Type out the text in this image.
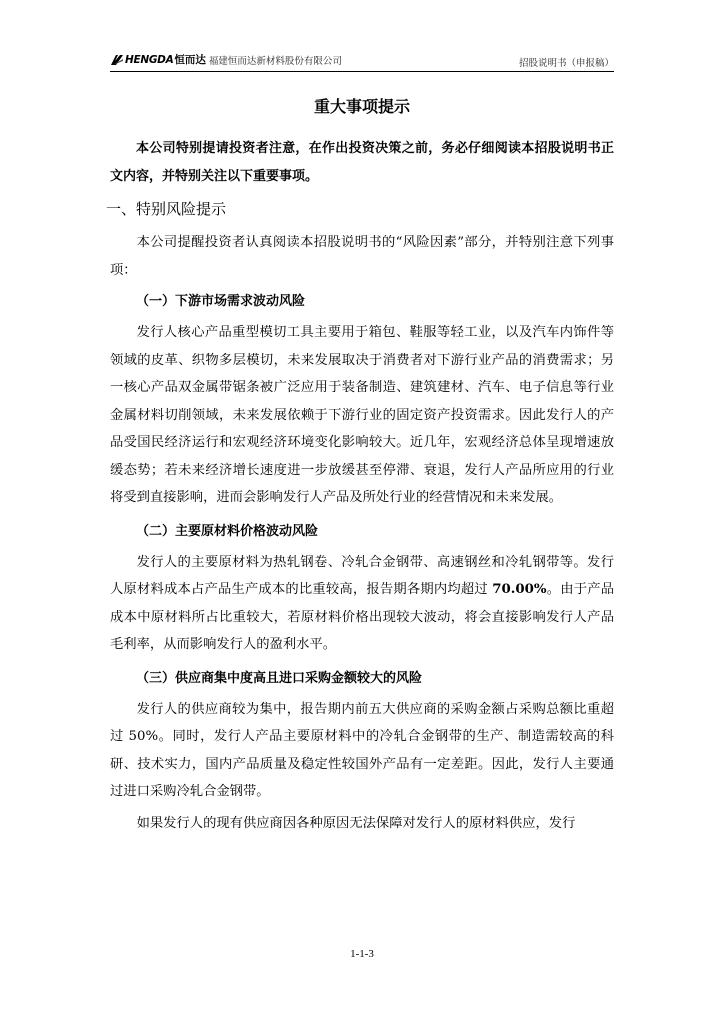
HENGDA 恒而达 福建恒而达新材料股份有限公司	招股说明书（申报稿）
重大事项提示

本公司特别提请投资者注意，在作出投资决策之前，务必仔细阅读本招股说明书正文内容，并特别关注以下重要事项。

一、特别风险提示

本公司提醒投资者认真阅读本招股说明书的“风险因素”部分，并特别注意下列事项：

（一）下游市场需求波动风险

发行人核心产品重型模切工具主要用于箱包、鞋服等轻工业，以及汽车内饰件等领域的皮革、织物多层模切，未来发展取决于消费者对下游行业产品的消费需求；另一核心产品双金属带锯条被广泛应用于装备制造、建筑建材、汽车、电子信息等行业金属材料切削领域，未来发展依赖于下游行业的固定资产投资需求。因此发行人的产品受国民经济运行和宏观经济环境变化影响较大。近几年，宏观经济总体呈现增速放缓态势；若未来经济增长速度进一步放缓甚至停滞、衰退，发行人产品所应用的行业将受到直接影响，进而会影响发行人产品及所处行业的经营情况和未来发展。

（二）主要原材料价格波动风险

发行人的主要原材料为热轧钢卷、冷轧合金钢带、高速钢丝和冷轧钢带等。发行人原材料成本占产品生产成本的比重较高，报告期各期内均超过 70.00%。由于产品成本中原材料所占比重较大，若原材料价格出现较大波动，将会直接影响发行人产品毛利率，从而影响发行人的盈利水平。

（三）供应商集中度高且进口采购金额较大的风险

发行人的供应商较为集中，报告期内前五大供应商的采购金额占采购总额比重超过 50%。同时，发行人产品主要原材料中的冷轧合金钢带的生产、制造需较高的科研、技术实力，国内产品质量及稳定性较国外产品有一定差距。因此，发行人主要通过进口采购冷轧合金钢带。

如果发行人的现有供应商因各种原因无法保障对发行人的原材料供应，发行

1-1-3
